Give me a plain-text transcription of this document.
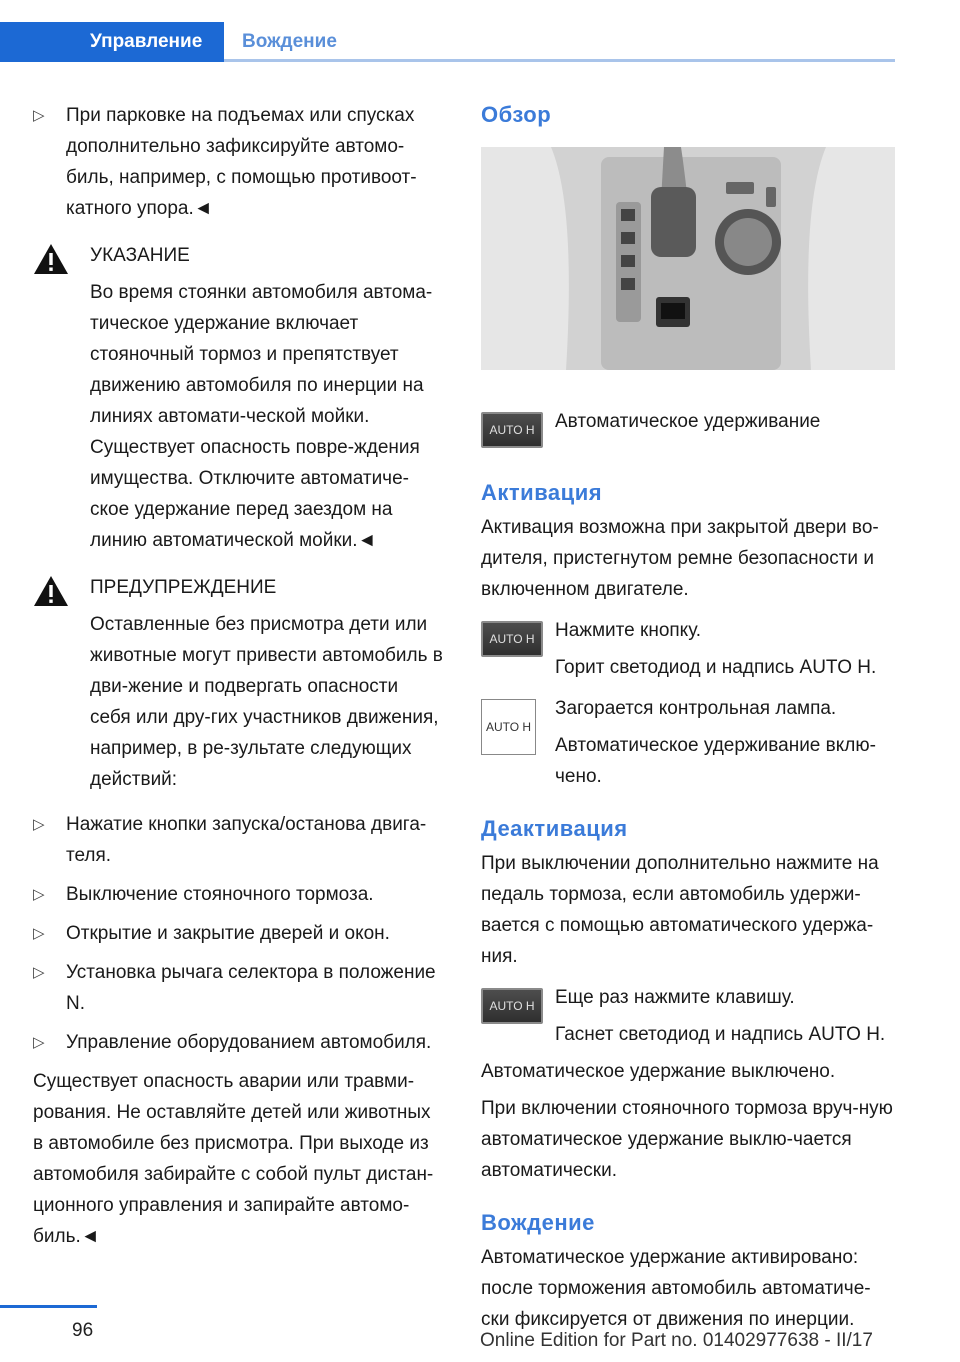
Управление Вождение
▷

При парковке на подъемах или спусках дополнительно зафиксируйте автомо-биль, например, с помощью противоот-катного упора.◄

УКАЗАНИЕ

Во время стоянки автомобиля автома-тическое удержание включает стояночный тормоз и препятствует движению автомобиля по инерции на линиях автомати-ческой мойки. Существует опасность повре-ждения имущества. Отключите автоматиче-ское удержание перед заездом на линию автоматической мойки.◄

ПРЕДУПРЕЖДЕНИЕ

Оставленные без присмотра дети или животные могут привести автомобиль в дви-жение и подвергать опасности себя или дру-гих участников движения, например, в ре-зультате следующих действий:

▷

Нажатие кнопки запуска/останова двига-теля.

▷

Выключение стояночного тормоза.

▷

Открытие и закрытие дверей и окон.

▷

Установка рычага селектора в положение N.

▷

Управление оборудованием автомобиля.

Существует опасность аварии или травми-рования. Не оставляйте детей или животных в автомобиле без присмотра. При выходе из автомобиля забирайте с собой пульт дистан-ционного управления и запирайте автомо-биль.◄

Обзор
AUTO H	Автоматическое удерживание

Активация

Активация возможна при закрытой двери во-дителя, пристегнутом ремне безопасности и включенном двигателе.

AUTO H	Нажмите кнопку.

Горит светодиод и надпись AUTO H.

AUTO H

Загорается контрольная лампа.

Автоматическое удерживание вклю-чено.

Деактивация

При выключении дополнительно нажмите на педаль тормоза, если автомобиль удержи-вается с помощью автоматического удержа-ния.

AUTO H	Еще раз нажмите клавишу.

Гаснет светодиод и надпись AUTO H.

Автоматическое удержание выключено.

При включении стояночного тормоза вруч-ную автоматическое удержание выклю-чается автоматически.

Вождение

Автоматическое удержание активировано: после торможения автомобиль автоматиче-ски фиксируется от движения по инерции.

96	Online Edition for Part no. 01402977638 - II/17
